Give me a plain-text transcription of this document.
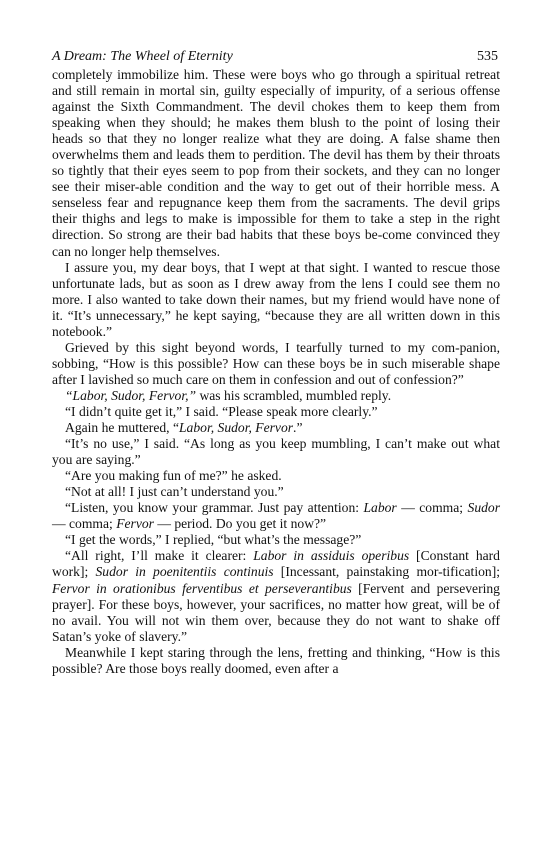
A Dream: The Wheel of Eternity	535

completely immobilize him. These were boys who go through a spiritual retreat and still remain in mortal sin, guilty especially of impurity, of a serious offense against the Sixth Commandment. The devil chokes them to keep them from speaking when they should; he makes them blush to the point of losing their heads so that they no longer realize what they are doing. A false shame then overwhelms them and leads them to perdition. The devil has them by their throats so tightly that their eyes seem to pop from their sockets, and they can no longer see their miser-able condition and the way to get out of their horrible mess. A senseless fear and repugnance keep them from the sacraments. The devil grips their thighs and legs to make is impossible for them to take a step in the right direction. So strong are their bad habits that these boys be-come convinced they can no longer help themselves.

I assure you, my dear boys, that I wept at that sight. I wanted to rescue those unfortunate lads, but as soon as I drew away from the lens I could see them no more. I also wanted to take down their names, but my friend would have none of it. “It’s unnecessary,” he kept saying, “because they are all written down in this notebook.”

Grieved by this sight beyond words, I tearfully turned to my com-panion, sobbing, “How is this possible? How can these boys be in such miserable shape after I lavished so much care on them in confession and out of confession?”

“Labor, Sudor, Fervor,” was his scrambled, mumbled reply.

“I didn’t quite get it,” I said. “Please speak more clearly.”

Again he muttered, “Labor, Sudor, Fervor.”

“It’s no use,” I said. “As long as you keep mumbling, I can’t make out what you are saying.”

“Are you making fun of me?” he asked.

“Not at all! I just can’t understand you.”

“Listen, you know your grammar. Just pay attention: Labor — comma; Sudor — comma; Fervor — period. Do you get it now?”

“I get the words,” I replied, “but what’s the message?”

“All right, I’ll make it clearer: Labor in assiduis operibus [Constant hard work]; Sudor in poenitentiis continuis [Incessant, painstaking mor-tification]; Fervor in orationibus ferventibus et perseverantibus [Fervent and persevering prayer]. For these boys, however, your sacrifices, no matter how great, will be of no avail. You will not win them over, because they do not want to shake off Satan’s yoke of slavery.”

Meanwhile I kept staring through the lens, fretting and thinking, “How is this possible? Are those boys really doomed, even after a
